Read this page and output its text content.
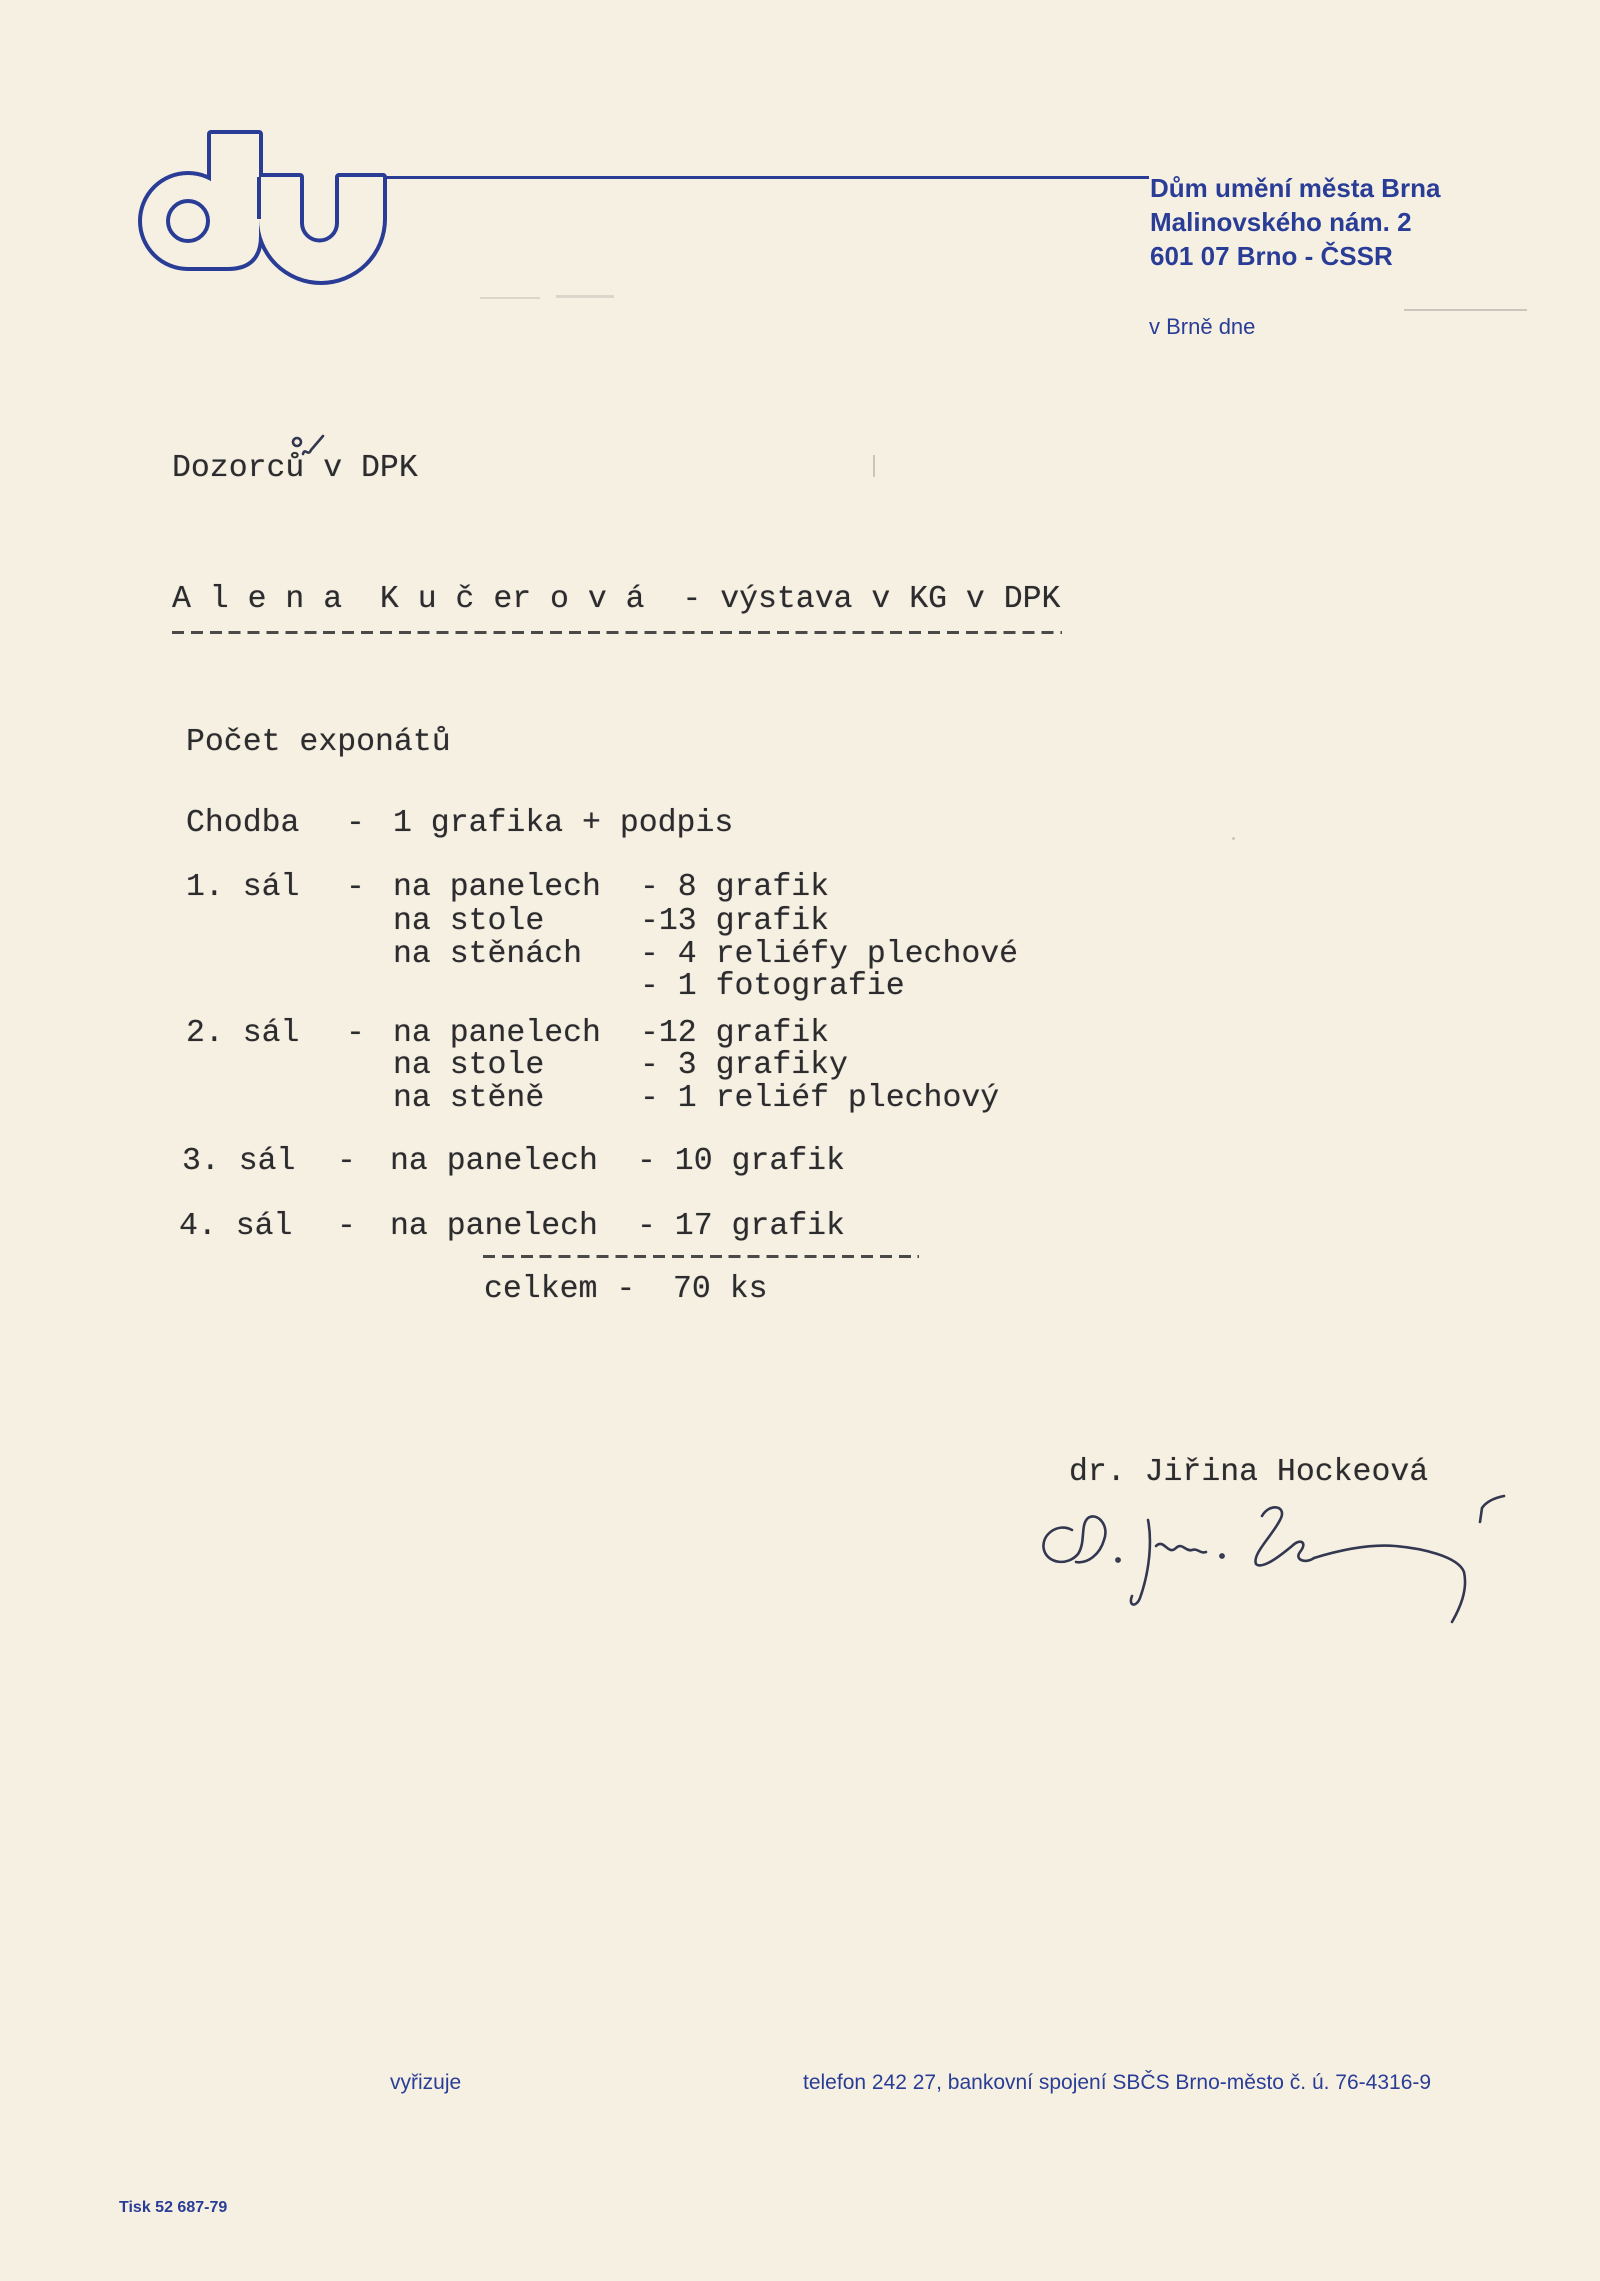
Dům umění města Brna
Malinovského nám. 2
601 07 Brno - ČSSR
v Brně dne
Dozorců v DPK
A l e n a  K u č er o v á  - výstava v KG v DPK
Počet exponátů
Chodba - 1 grafika + podpis
1. sál - na panelech - 8 grafik
na stole	-13 grafik
na stěnách - 4 reliéfy plechové
- 1 fotografie
2. sál - na panelech -12 grafik
na stole	- 3 grafiky
na stěně	- 1 reliéf plechový
3. sál - na panelech - 10 grafik
4. sál - na panelech - 17 grafik
celkem - 70 ks
dr. Jiřina Hockeová
vyřizuje	telefon 242 27, bankovní spojení SBČS Brno-město č. ú. 76-4316-9
Tisk 52 687-79
